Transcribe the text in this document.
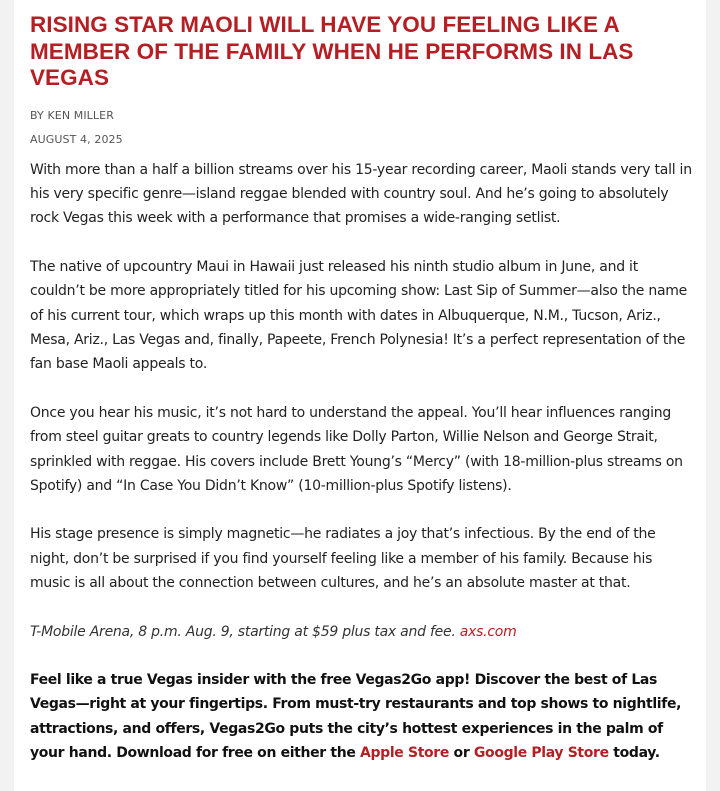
RISING STAR MAOLI WILL HAVE YOU FEELING LIKE A MEMBER OF THE FAMILY WHEN HE PERFORMS IN LAS VEGAS
BY KEN MILLER
AUGUST 4, 2025

With more than a half a billion streams over his 15-year recording career, Maoli stands very tall in his very specific genre—island reggae blended with country soul. And he’s going to absolutely rock Vegas this week with a performance that promises a wide-ranging setlist.

The native of upcountry Maui in Hawaii just released his ninth studio album in June, and it couldn’t be more appropriately titled for his upcoming show: Last Sip of Summer—also the name of his current tour, which wraps up this month with dates in Albuquerque, N.M., Tucson, Ariz., Mesa, Ariz., Las Vegas and, finally, Papeete, French Polynesia! It’s a perfect representation of the fan base Maoli appeals to.

Once you hear his music, it’s not hard to understand the appeal. You’ll hear influences ranging from steel guitar greats to country legends like Dolly Parton, Willie Nelson and George Strait, sprinkled with reggae. His covers include Brett Young’s “Mercy” (with 18-million-plus streams on Spotify) and “In Case You Didn’t Know” (10-million-plus Spotify listens).

His stage presence is simply magnetic—he radiates a joy that’s infectious. By the end of the night, don’t be surprised if you find yourself feeling like a member of his family. Because his music is all about the connection between cultures, and he’s an absolute master at that.

T-Mobile Arena, 8 p.m. Aug. 9, starting at $59 plus tax and fee. axs.com

Feel like a true Vegas insider with the free Vegas2Go app! Discover the best of Las Vegas—right at your fingertips. From must-try restaurants and top shows to nightlife, attractions, and offers, Vegas2Go puts the city’s hottest experiences in the palm of your hand. Download for free on either the Apple Store or Google Play Store today.
